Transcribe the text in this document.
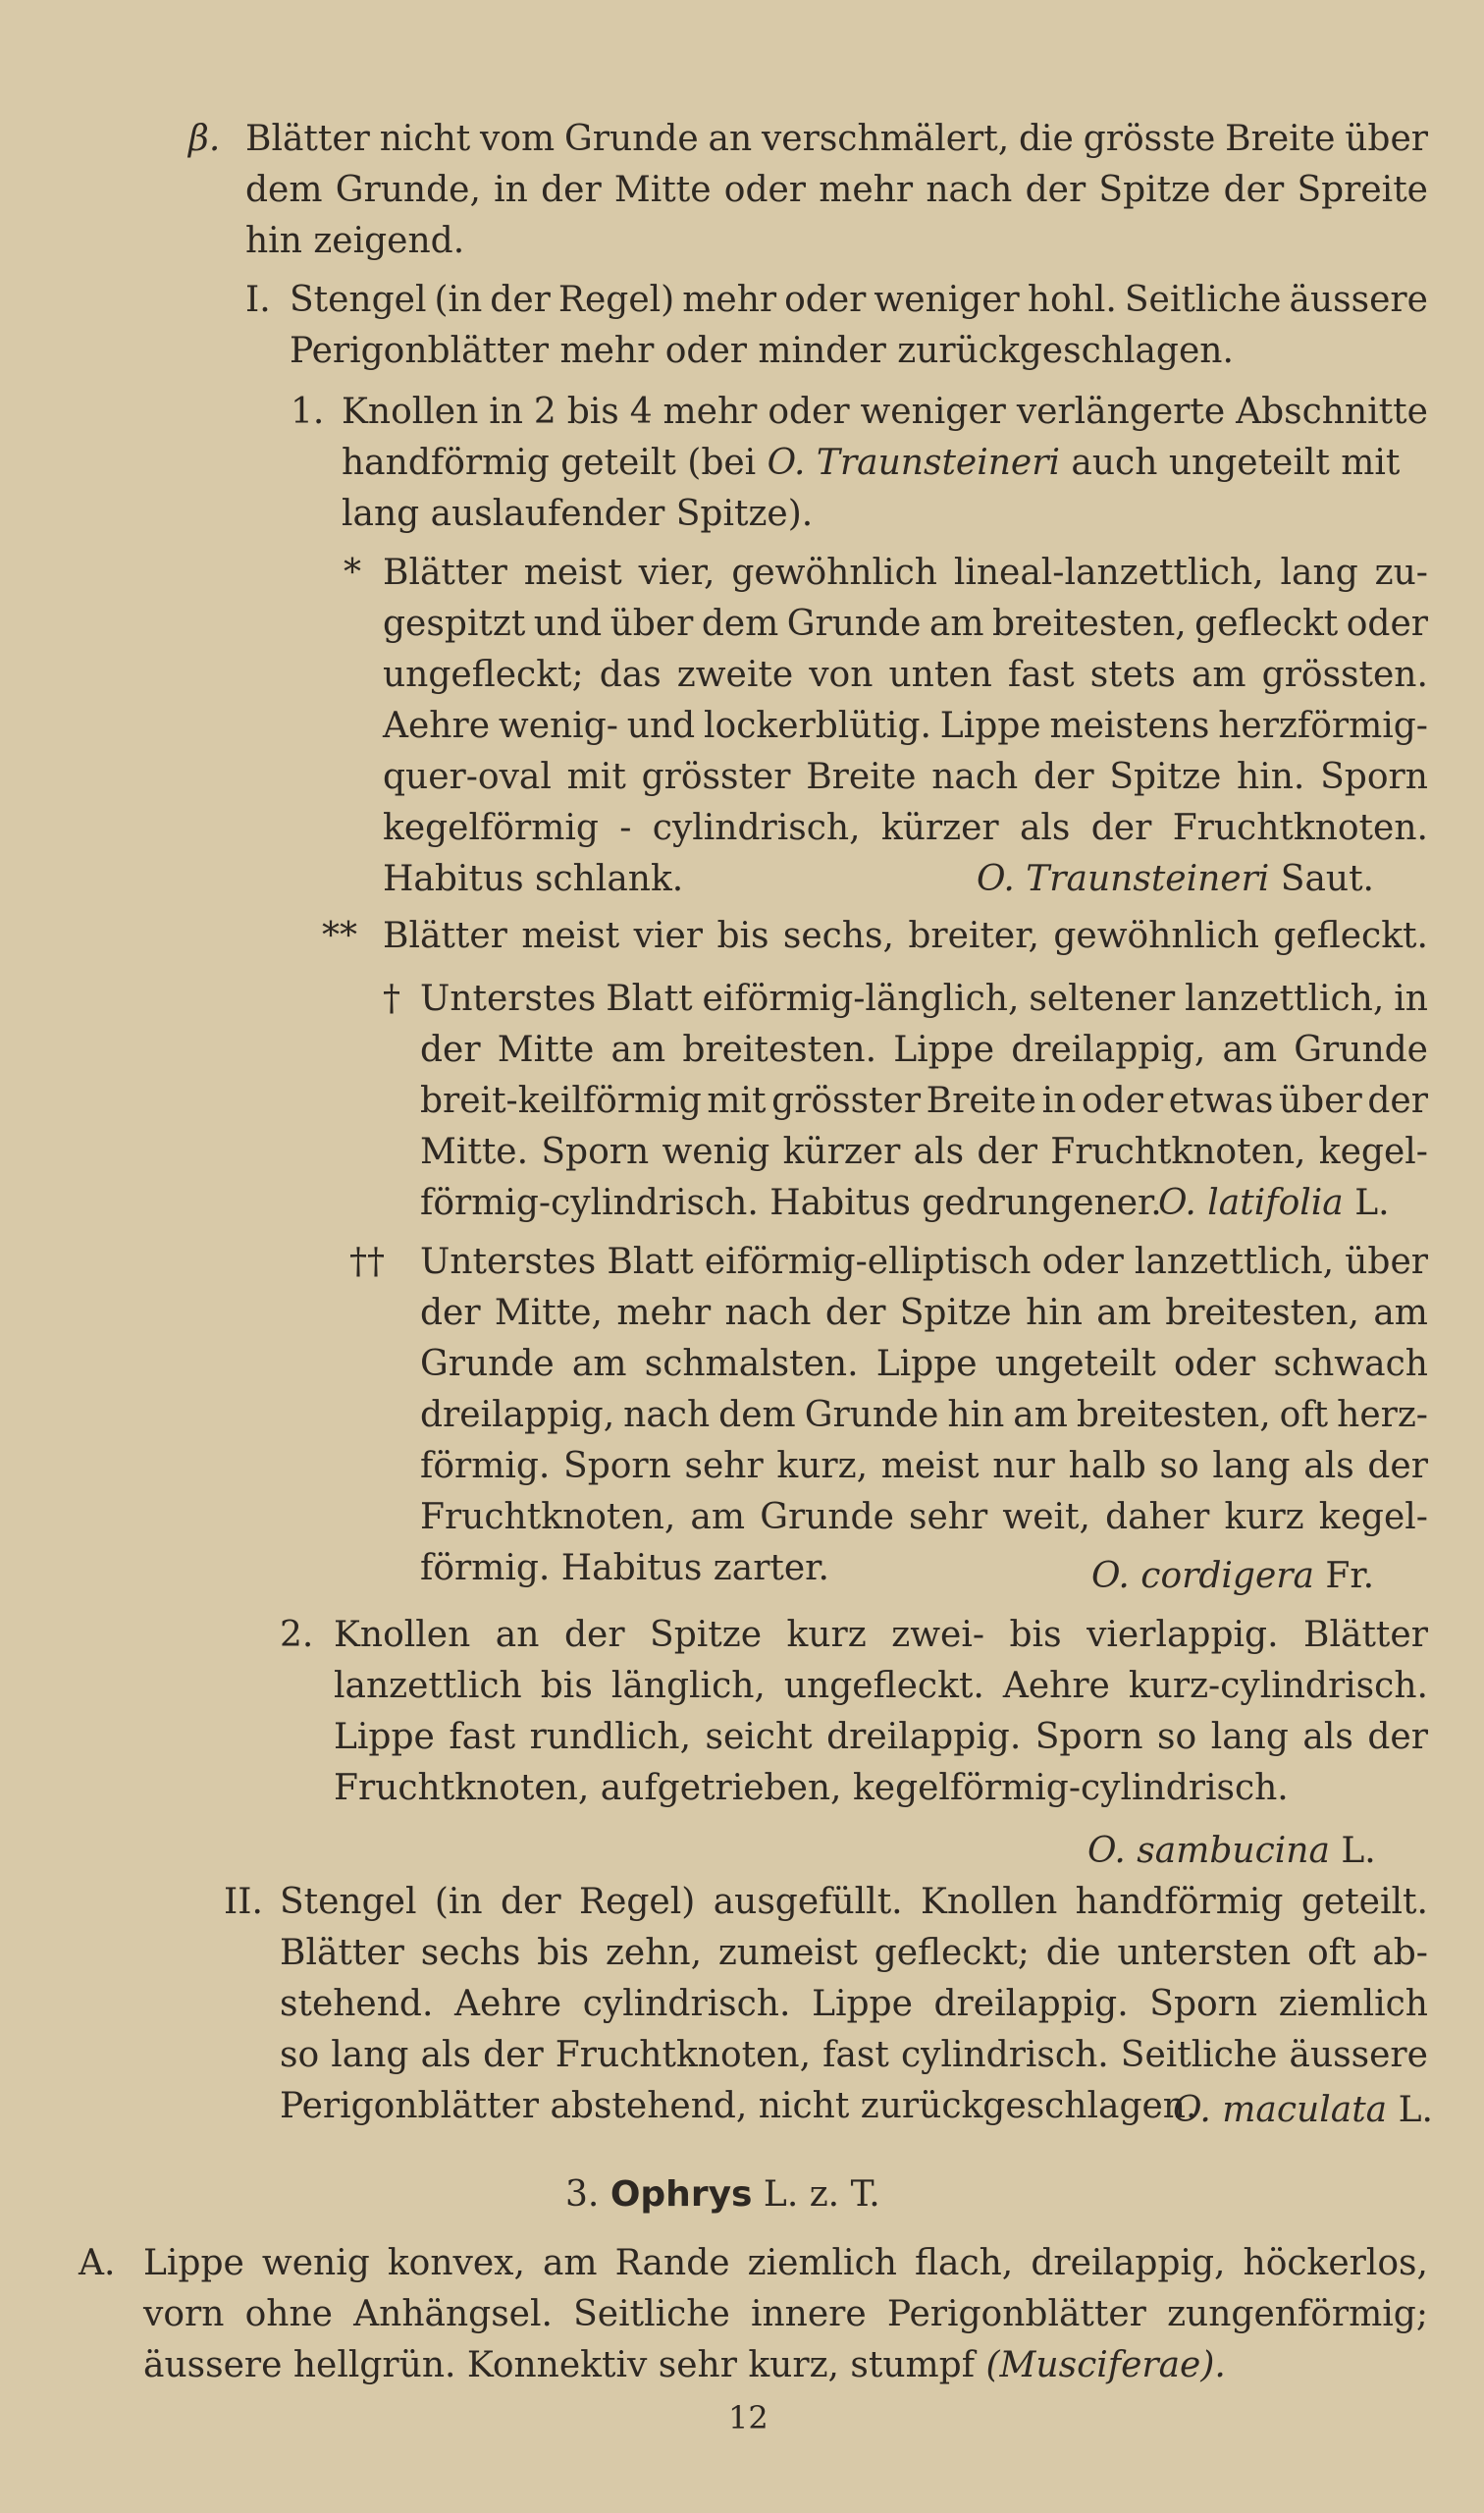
β. Blätter nicht vom Grunde an verschmälert, die grösste Breite über
dem Grunde, in der Mitte oder mehr nach der Spitze der Spreite
hin zeigend.
I. Stengel (in der Regel) mehr oder weniger hohl. Seitliche äussere
Perigonblätter mehr oder minder zurückgeschlagen.
1. Knollen in 2 bis 4 mehr oder weniger verlängerte Abschnitte
handförmig geteilt (bei O. Traunsteineri auch ungeteilt mit
lang auslaufender Spitze).
* Blätter meist vier, gewöhnlich lineal-lanzettlich, lang zu-
gespitzt und über dem Grunde am breitesten, gefleckt oder
ungefleckt; das zweite von unten fast stets am grössten.
Aehre wenig- und lockerblütig. Lippe meistens herzförmig-
quer-oval mit grösster Breite nach der Spitze hin. Sporn
kegelförmig - cylindrisch, kürzer als der Fruchtknoten.
Habitus schlank.	O. Traunsteineri Saut.
** Blätter meist vier bis sechs, breiter, gewöhnlich gefleckt.
† Unterstes Blatt eiförmig-länglich, seltener lanzettlich, in
der Mitte am breitesten. Lippe dreilappig, am Grunde
breit-keilförmig mit grösster Breite in oder etwas über der
Mitte. Sporn wenig kürzer als der Fruchtknoten, kegel-
förmig-cylindrisch. Habitus gedrungener.
O. latifolia L.
†† Unterstes Blatt eiförmig-elliptisch oder lanzettlich, über
der Mitte, mehr nach der Spitze hin am breitesten, am
Grunde am schmalsten. Lippe ungeteilt oder schwach
dreilappig, nach dem Grunde hin am breitesten, oft herz-
förmig. Sporn sehr kurz, meist nur halb so lang als der
Fruchtknoten, am Grunde sehr weit, daher kurz kegel-
förmig. Habitus zarter.	O. cordigera Fr.
2. Knollen an der Spitze kurz zwei- bis vierlappig. Blätter
lanzettlich bis länglich, ungefleckt. Aehre kurz-cylindrisch.
Lippe fast rundlich, seicht dreilappig. Sporn so lang als der
Fruchtknoten, aufgetrieben, kegelförmig-cylindrisch.
O. sambucina L.
II. Stengel (in der Regel) ausgefüllt. Knollen handförmig geteilt.
Blätter sechs bis zehn, zumeist gefleckt; die untersten oft ab-
stehend. Aehre cylindrisch. Lippe dreilappig. Sporn ziemlich
so lang als der Fruchtknoten, fast cylindrisch. Seitliche äussere
Perigonblätter abstehend, nicht zurückgeschlagen.
O. maculata L.
3. Ophrys L. z. T.
A. Lippe wenig konvex, am Rande ziemlich flach, dreilappig, höckerlos,
vorn ohne Anhängsel. Seitliche innere Perigonblätter zungenförmig;
äussere hellgrün. Konnektiv sehr kurz, stumpf (Musciferae).
12
